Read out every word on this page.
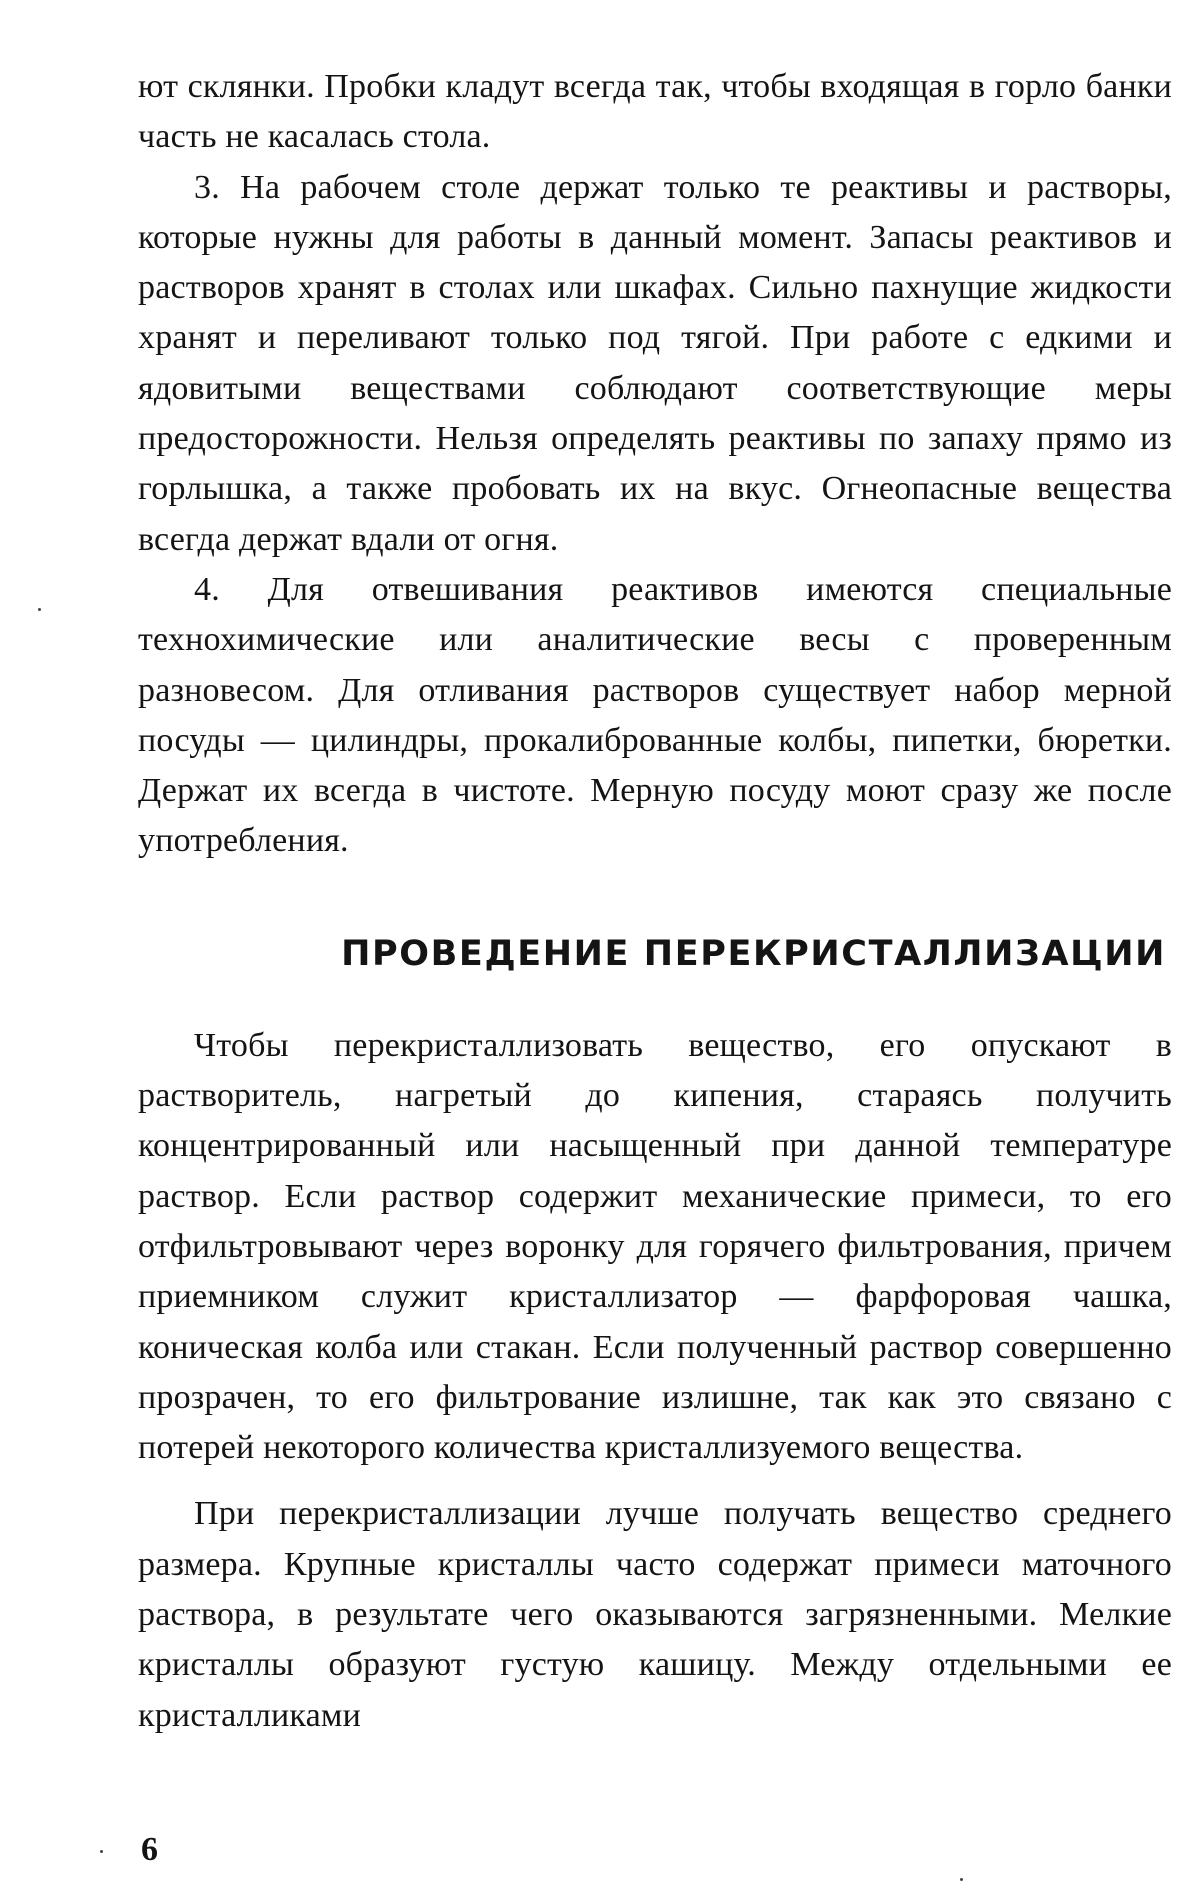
ют склянки. Пробки кладут всегда так, чтобы входящая в горло банки часть не касалась стола.

3. На рабочем столе держат только те реактивы и растворы, которые нужны для работы в данный момент. Запасы реактивов и растворов хранят в столах или шкафах. Сильно пахнущие жидкости хранят и переливают только под тягой. При работе с едкими и ядовитыми веществами соблюдают соответствующие меры предосторожности. Нельзя определять реактивы по запаху прямо из горлышка, а также пробовать их на вкус. Огнеопасные вещества всегда держат вдали от огня.

4. Для отвешивания реактивов имеются специальные технохимические или аналитические весы с проверенным разновесом. Для отливания растворов существует набор мерной посуды — цилиндры, прокалиброванные колбы, пипетки, бюретки. Держат их всегда в чистоте. Мерную посуду моют сразу же после употребления.

ПРОВЕДЕНИЕ ПЕРЕКРИСТАЛЛИЗАЦИИ

Чтобы перекристаллизовать вещество, его опускают в растворитель, нагретый до кипения, стараясь получить концентрированный или насыщенный при данной температуре раствор. Если раствор содержит механические примеси, то его отфильтровывают через воронку для горячего фильтрования, причем приемником служит кристаллизатор — фарфоровая чашка, коническая колба или стакан. Если полученный раствор совершенно прозрачен, то его фильтрование излишне, так как это связано с потерей некоторого количества кристаллизуемого вещества.

При перекристаллизации лучше получать вещество среднего размера. Крупные кристаллы часто содержат примеси маточного раствора, в результате чего оказываются загрязненными. Мелкие кристаллы образуют густую кашицу. Между отдельными ее кристалликами

6
